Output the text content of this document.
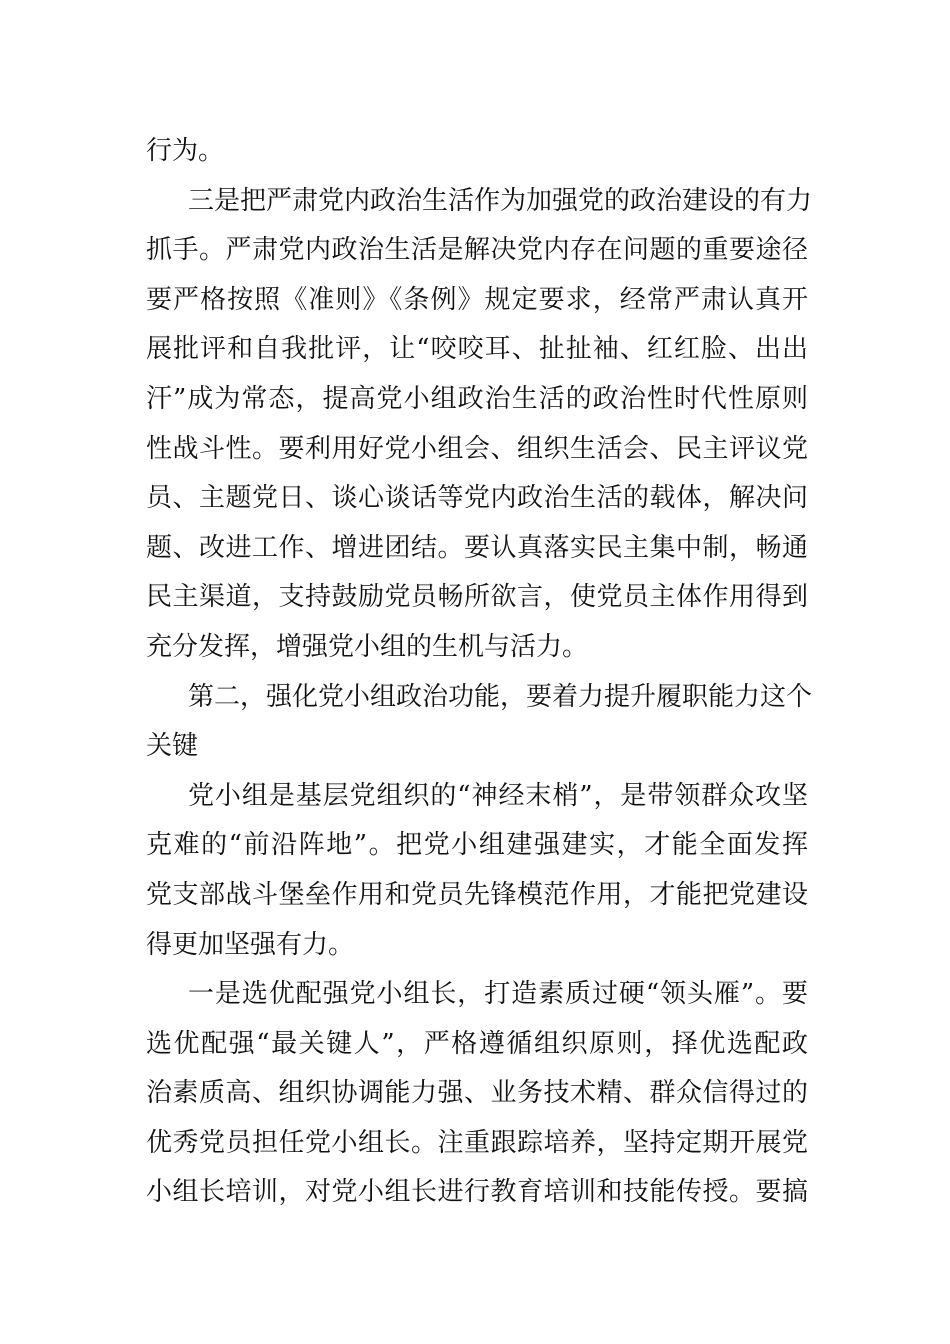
行为。
三是把严肃党内政治生活作为加强党的政治建设的有力
抓手。严肃党内政治生活是解决党内存在问题的重要途径
要严格按照《准则》《条例》规定要求，经常严肃认真开
展批评和自我批评，让“咬咬耳、扯扯袖、红红脸、出出
汗”成为常态，提高党小组政治生活的政治性时代性原则
性战斗性。要利用好党小组会、组织生活会、民主评议党
员、主题党日、谈心谈话等党内政治生活的载体，解决问
题、改进工作、增进团结。要认真落实民主集中制，畅通
民主渠道，支持鼓励党员畅所欲言，使党员主体作用得到
充分发挥，增强党小组的生机与活力。
第二，强化党小组政治功能，要着力提升履职能力这个
关键
党小组是基层党组织的“神经末梢”，是带领群众攻坚
克难的“前沿阵地”。把党小组建强建实，才能全面发挥
党支部战斗堡垒作用和党员先锋模范作用，才能把党建设
得更加坚强有力。
一是选优配强党小组长，打造素质过硬“领头雁”。要
选优配强“最关键人”，严格遵循组织原则，择优选配政
治素质高、组织协调能力强、业务技术精、群众信得过的
优秀党员担任党小组长。注重跟踪培养，坚持定期开展党
小组长培训，对党小组长进行教育培训和技能传授。要搞
